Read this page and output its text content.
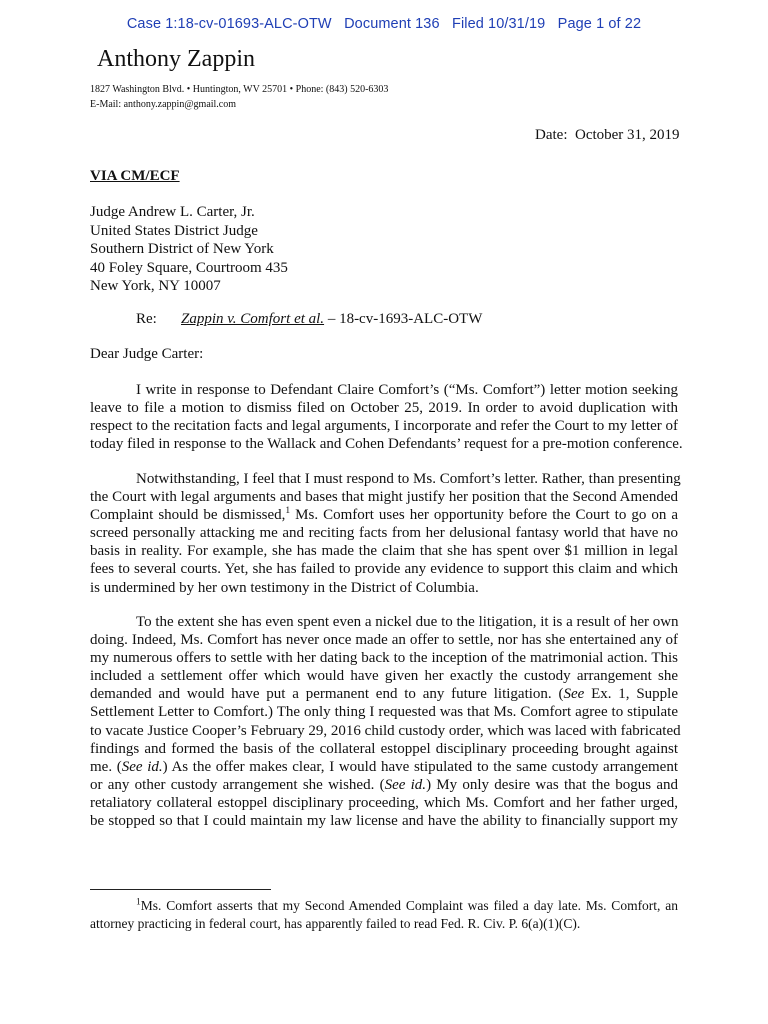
Case 1:18-cv-01693-ALC-OTW   Document 136   Filed 10/31/19   Page 1 of 22
Anthony Zappin
1827 Washington Blvd. • Huntington, WV 25701 • Phone: (843) 520-6303
E-Mail: anthony.zappin@gmail.com
Date:  October 31, 2019
VIA CM/ECF
Judge Andrew L. Carter, Jr.
United States District Judge
Southern District of New York
40 Foley Square, Courtroom 435
New York, NY 10007
Re: Zappin v. Comfort et al. – 18-cv-1693-ALC-OTW
Dear Judge Carter:
I write in response to Defendant Claire Comfort’s (“Ms. Comfort”) letter motion seeking
leave to file a motion to dismiss filed on October 25, 2019. In order to avoid duplication with
respect to the recitation facts and legal arguments, I incorporate and refer the Court to my letter of
today filed in response to the Wallack and Cohen Defendants’ request for a pre-motion conference.
Notwithstanding, I feel that I must respond to Ms. Comfort’s letter. Rather, than presenting
the Court with legal arguments and bases that might justify her position that the Second Amended
Complaint should be dismissed,$^1$ Ms. Comfort uses her opportunity before the Court to go on a
screed personally attacking me and reciting facts from her delusional fantasy world that have no
basis in reality. For example, she has made the claim that she has spent over $1 million in legal
fees to several courts. Yet, she has failed to provide any evidence to support this claim and which
is undermined by her own testimony in the District of Columbia.
To the extent she has even spent even a nickel due to the litigation, it is a result of her own
doing. Indeed, Ms. Comfort has never once made an offer to settle, nor has she entertained any of
my numerous offers to settle with her dating back to the inception of the matrimonial action. This
included a settlement offer which would have given her exactly the custody arrangement she
demanded and would have put a permanent end to any future litigation. (See Ex. 1, Supple
Settlement Letter to Comfort.) The only thing I requested was that Ms. Comfort agree to stipulate
to vacate Justice Cooper’s February 29, 2016 child custody order, which was laced with fabricated
findings and formed the basis of the collateral estoppel disciplinary proceeding brought against
me. (See id.) As the offer makes clear, I would have stipulated to the same custody arrangement
or any other custody arrangement she wished. (See id.) My only desire was that the bogus and
retaliatory collateral estoppel disciplinary proceeding, which Ms. Comfort and her father urged,
be stopped so that I could maintain my law license and have the ability to financially support my
$^1$Ms. Comfort asserts that my Second Amended Complaint was filed a day late. Ms. Comfort, an
attorney practicing in federal court, has apparently failed to read Fed. R. Civ. P. 6(a)(1)(C).
